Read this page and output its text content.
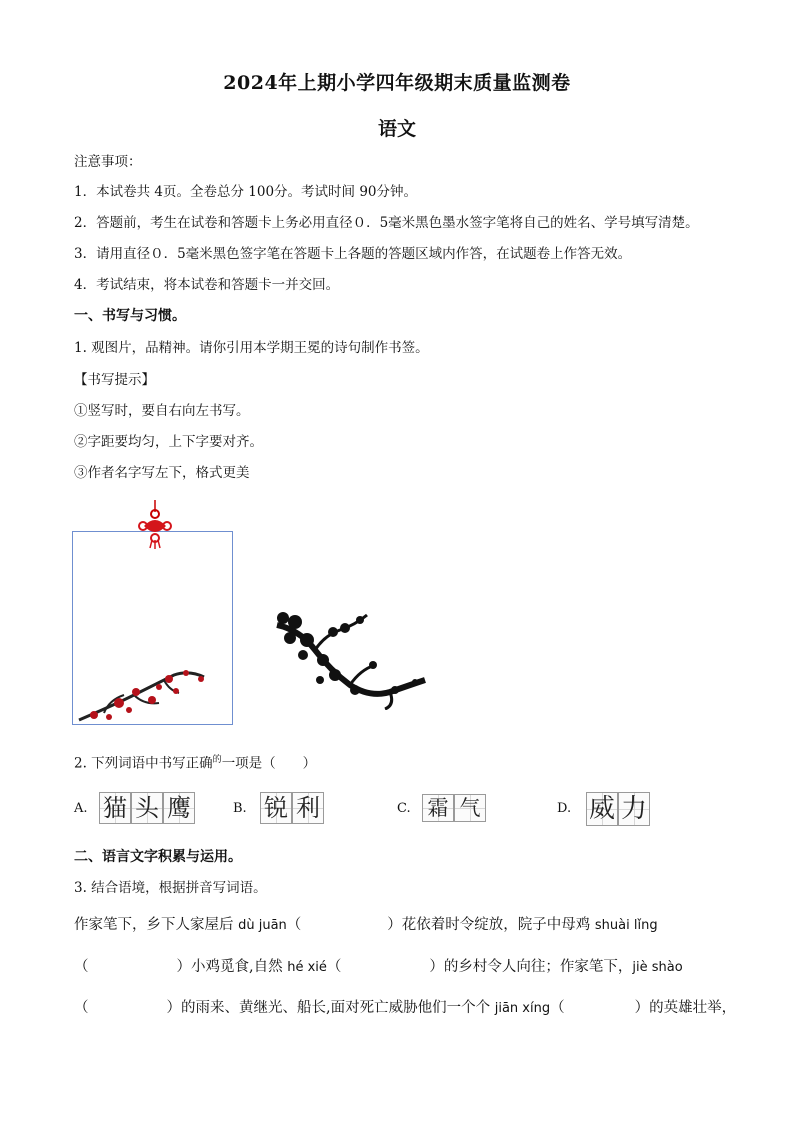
2024年上期小学四年级期末质量监测卷
语文
注意事项：
1．本试卷共 4页。全卷总分 100分。考试时间 90分钟。
2．答题前，考生在试卷和答题卡上务必用直径０．5毫米黑色墨水签字笔将自己的姓名、学号填写清楚。
3．请用直径０．5毫米黑色签字笔在答题卡上各题的答题区域内作答，在试题卷上作答无效。
4．考试结束，将本试卷和答题卡一并交回。
一、书写与习惯。
1. 观图片，品精神。请你引用本学期王冕的诗句制作书签。
【书写提示】
①竖写时，要自右向左书写。
②字距要均匀，上下字要对齐。
③作者名字写左下，格式更美
2. 下列词语中书写正确$^的$一项是（　　）
A. 猫 头 鹰	B. 锐 利	C. 霜 气	D. 威 力
二、语言文字积累与运用。
3. 结合语境，根据拼音写词语。
作家笔下，乡下人家屋后 dù juān（	）花依着时令绽放，院子中母鸡 shuài lǐng
（	）小鸡觅食,自然 hé xié（	）的乡村令人向往；作家笔下，jiè shào
（	）的雨来、黄继光、船长,面对死亡威胁他们一个个 jiān xíng（	）的英雄壮举，
